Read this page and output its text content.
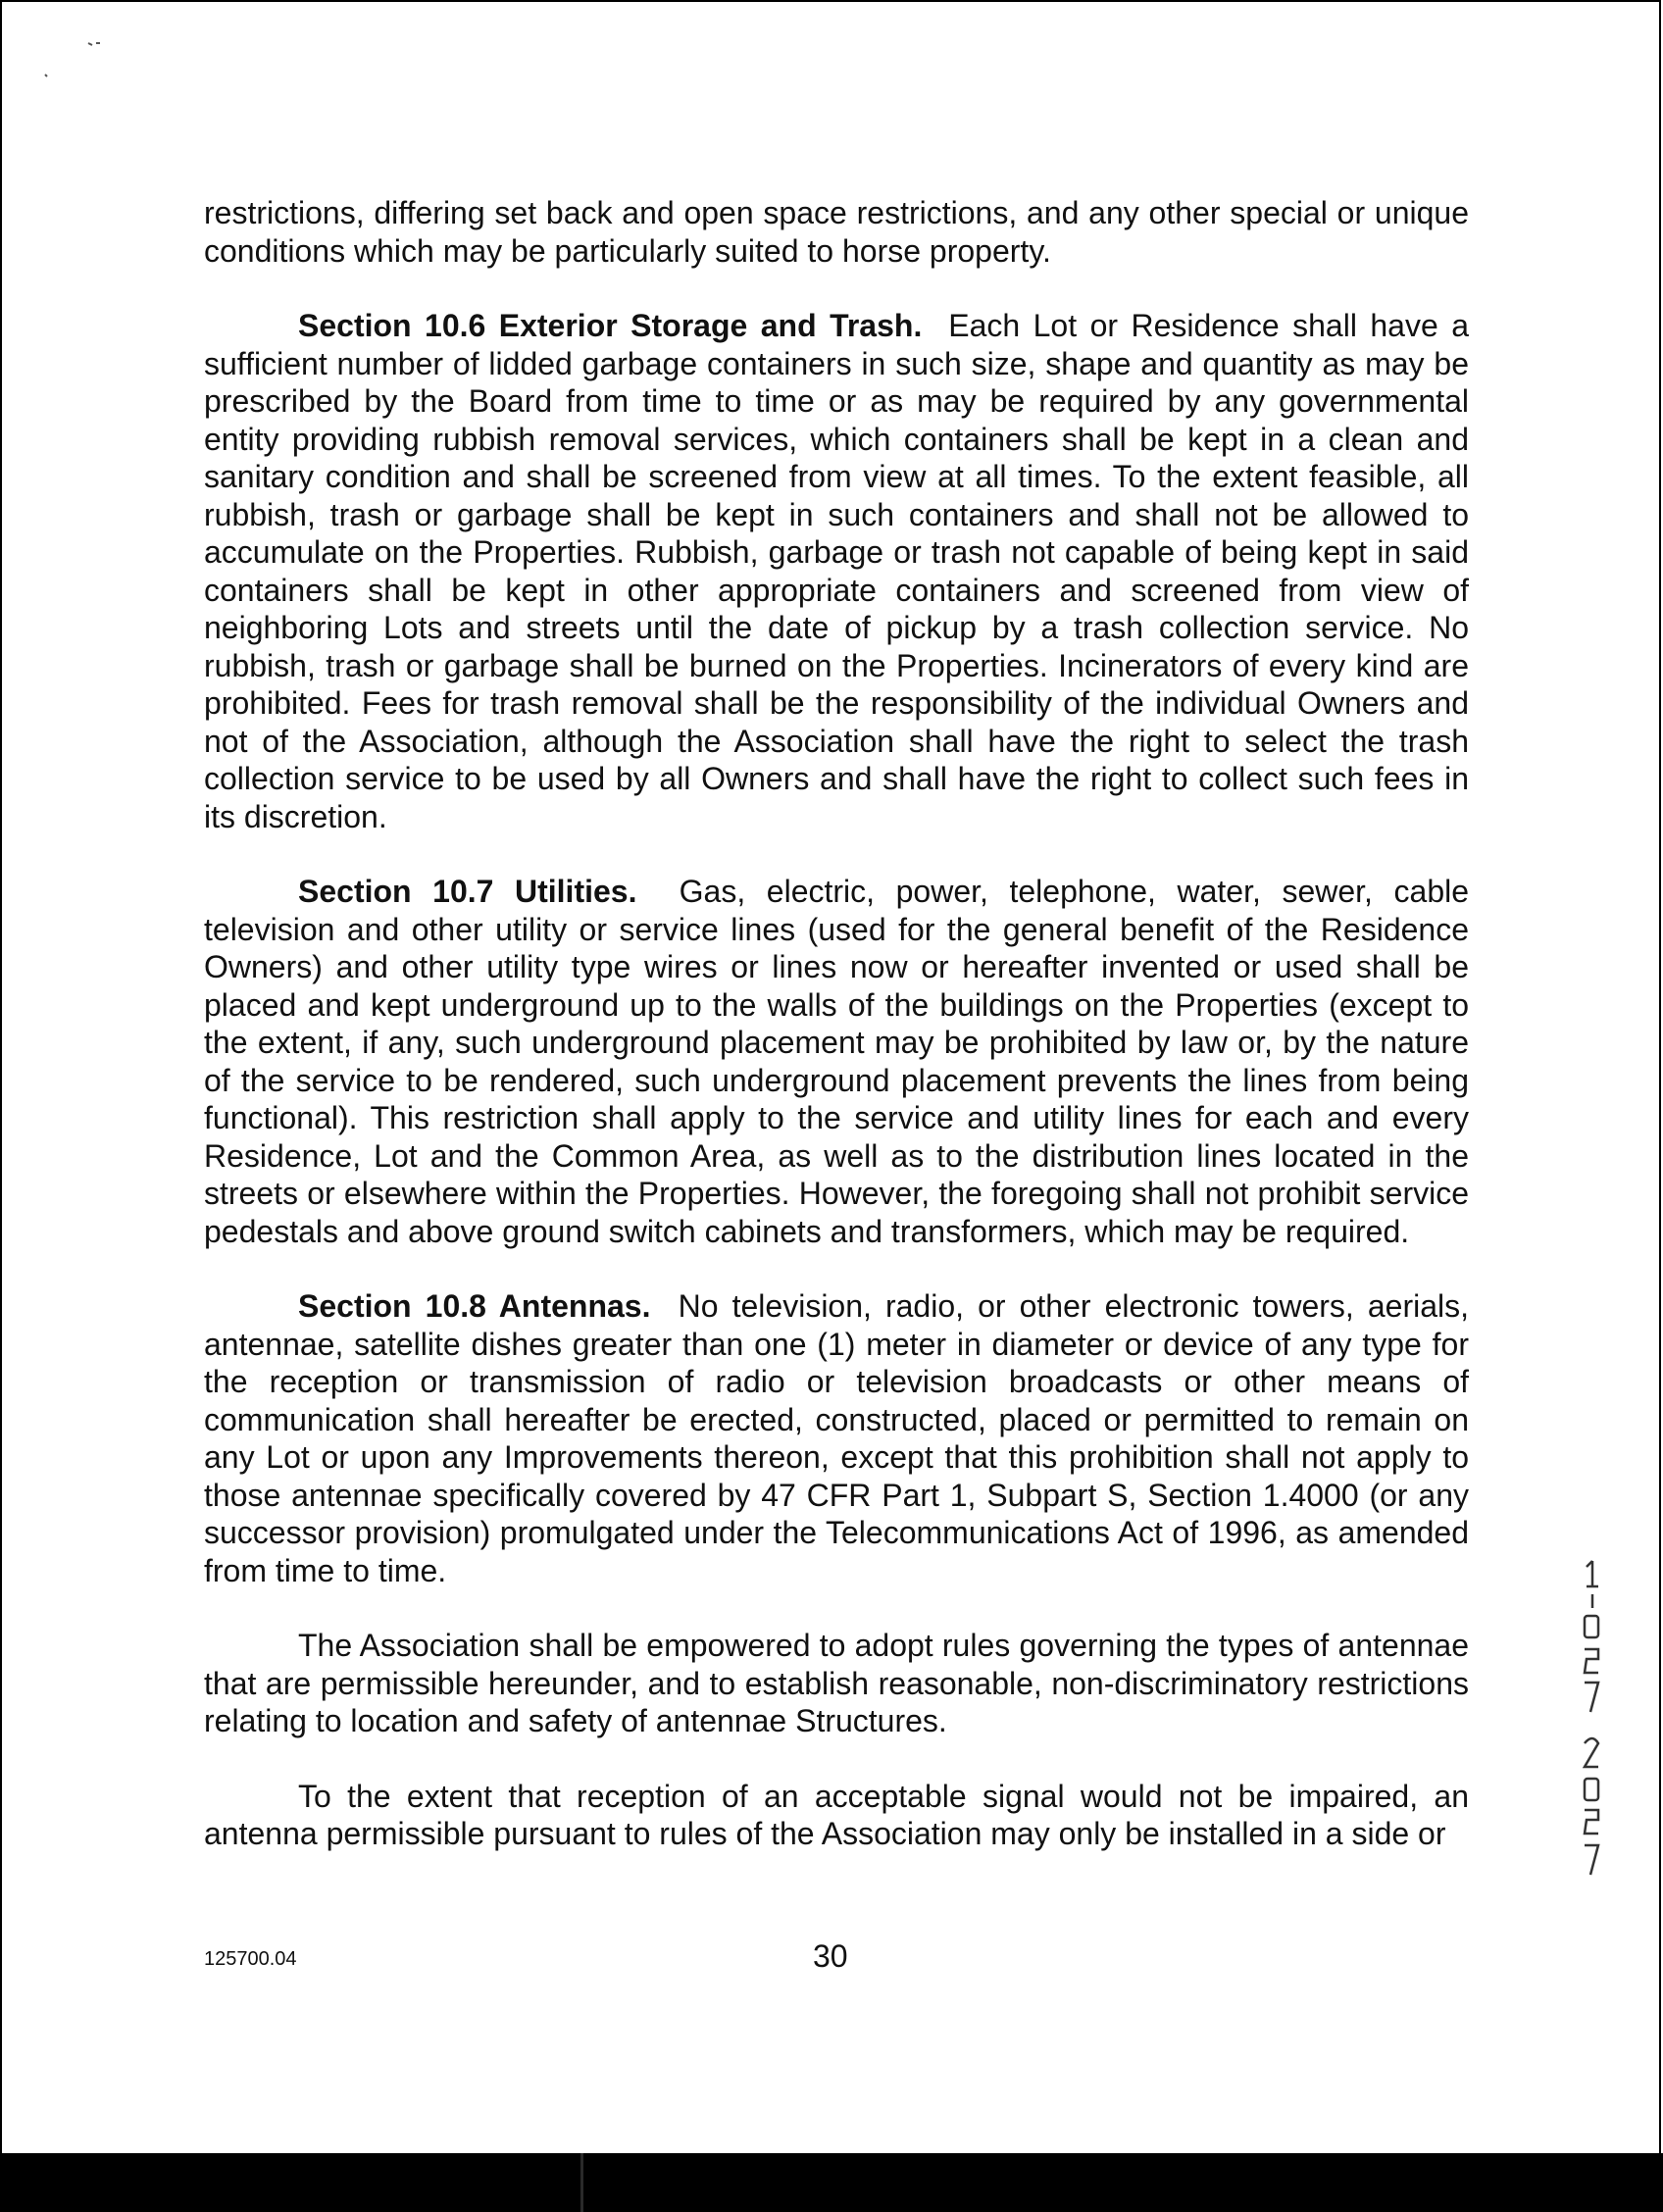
restrictions, differing set back and open space restrictions, and any other special or unique conditions which may be particularly suited to horse property.

Section 10.6 Exterior Storage and Trash. Each Lot or Residence shall have a sufficient number of lidded garbage containers in such size, shape and quantity as may be prescribed by the Board from time to time or as may be required by any governmental entity providing rubbish removal services, which containers shall be kept in a clean and sanitary condition and shall be screened from view at all times. To the extent feasible, all rubbish, trash or garbage shall be kept in such containers and shall not be allowed to accumulate on the Properties. Rubbish, garbage or trash not capable of being kept in said containers shall be kept in other appropriate containers and screened from view of neighboring Lots and streets until the date of pickup by a trash collection service. No rubbish, trash or garbage shall be burned on the Properties. Incinerators of every kind are prohibited. Fees for trash removal shall be the responsibility of the individual Owners and not of the Association, although the Association shall have the right to select the trash collection service to be used by all Owners and shall have the right to collect such fees in its discretion.

Section 10.7 Utilities. Gas, electric, power, telephone, water, sewer, cable television and other utility or service lines (used for the general benefit of the Residence Owners) and other utility type wires or lines now or hereafter invented or used shall be placed and kept underground up to the walls of the buildings on the Properties (except to the extent, if any, such underground placement may be prohibited by law or, by the nature of the service to be rendered, such underground placement prevents the lines from being functional). This restriction shall apply to the service and utility lines for each and every Residence, Lot and the Common Area, as well as to the distribution lines located in the streets or elsewhere within the Properties. However, the foregoing shall not prohibit service pedestals and above ground switch cabinets and transformers, which may be required.

Section 10.8 Antennas. No television, radio, or other electronic towers, aerials, antennae, satellite dishes greater than one (1) meter in diameter or device of any type for the reception or transmission of radio or television broadcasts or other means of communication shall hereafter be erected, constructed, placed or permitted to remain on any Lot or upon any Improvements thereon, except that this prohibition shall not apply to those antennae specifically covered by 47 CFR Part 1, Subpart S, Section 1.4000 (or any successor provision) promulgated under the Telecommunications Act of 1996, as amended from time to time.

The Association shall be empowered to adopt rules governing the types of antennae that are permissible hereunder, and to establish reasonable, non-discriminatory restrictions relating to location and safety of antennae Structures.

To the extent that reception of an acceptable signal would not be impaired, an antenna permissible pursuant to rules of the Association may only be installed in a side or

125700.04	30
